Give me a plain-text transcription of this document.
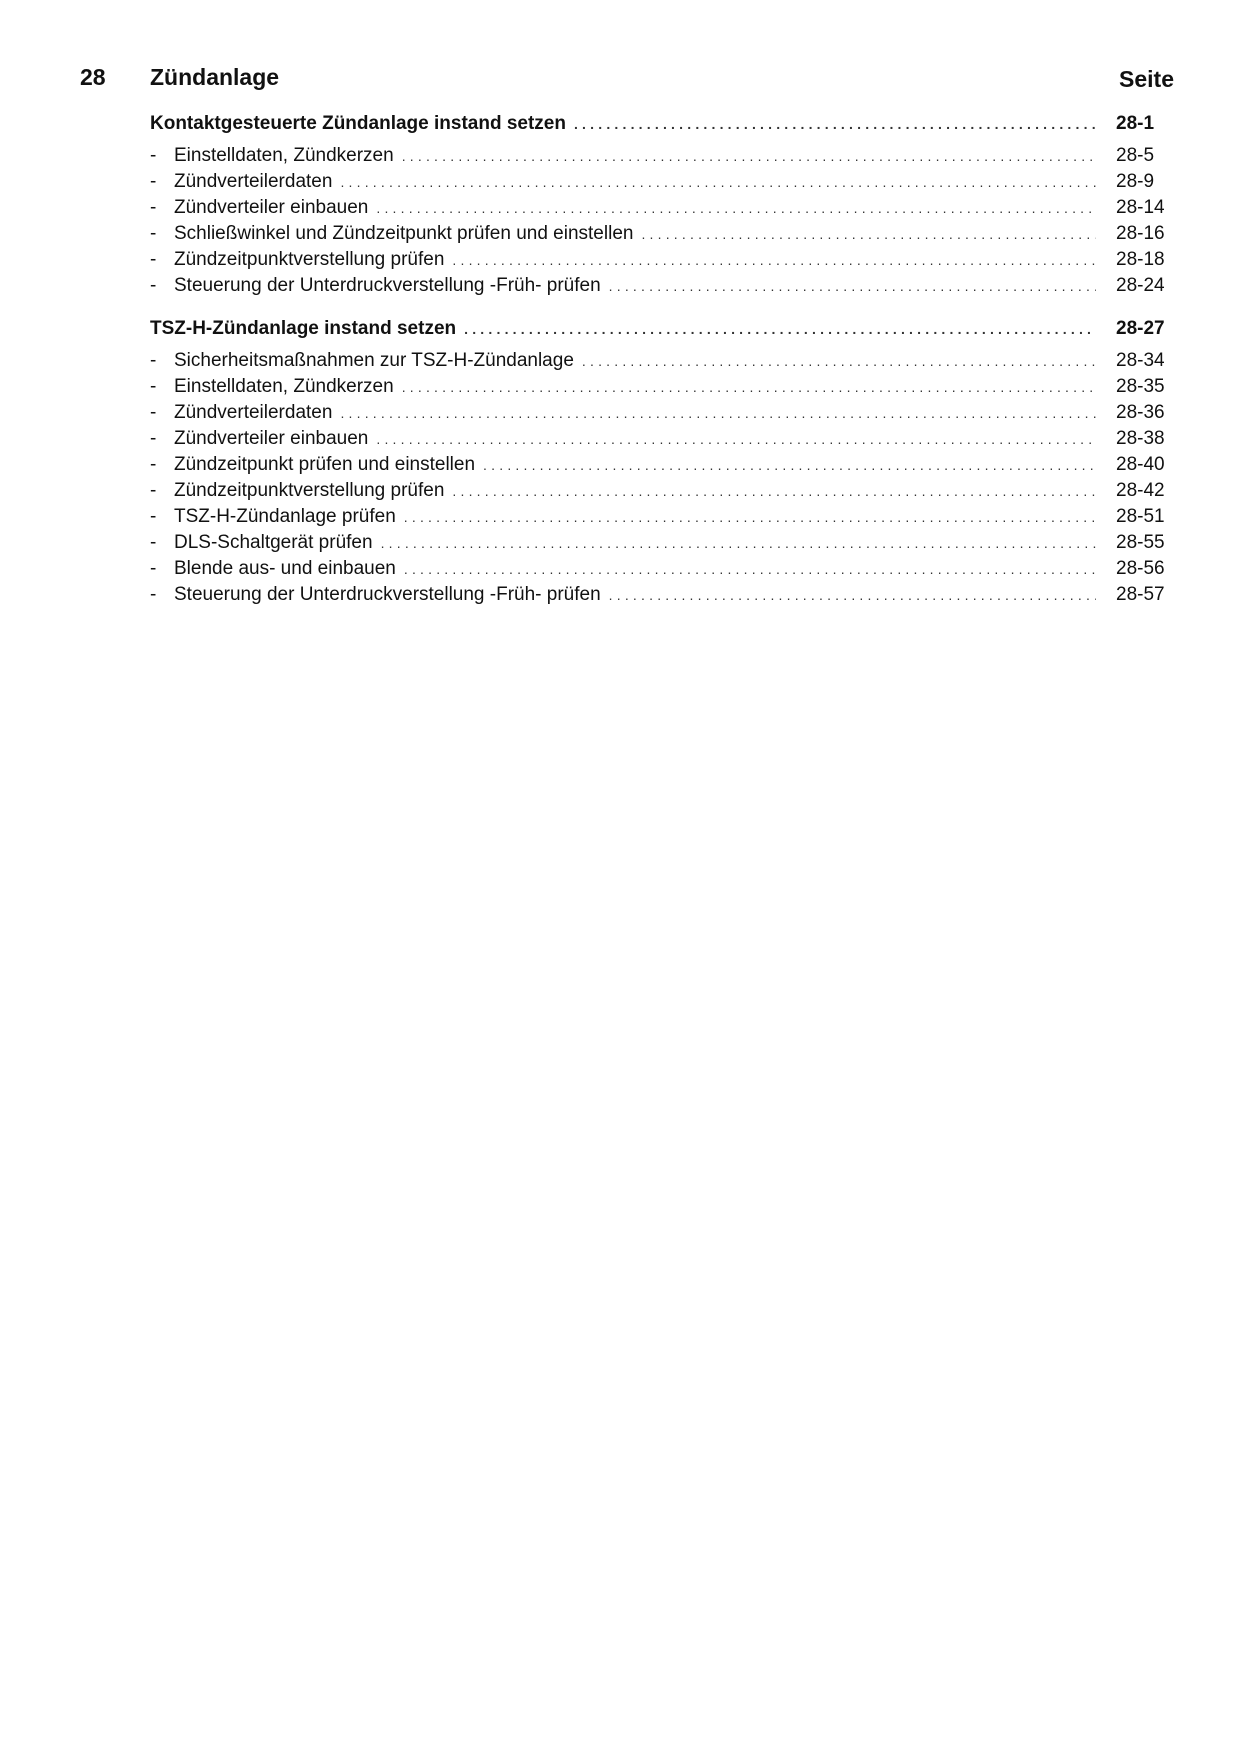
28 Zündanlage	Seite
Kontaktgesteuerte Zündanlage instand setzen .....	28-1
- Einstelldaten, Zündkerzen .....	28-5
- Zündverteilerdaten .....	28-9
- Zündverteiler einbauen .....	28-14
- Schließwinkel und Zündzeitpunkt prüfen und einstellen .....	28-16
- Zündzeitpunktverstellung prüfen .....	28-18
- Steuerung der Unterdruckverstellung -Früh- prüfen .....	28-24
TSZ-H-Zündanlage instand setzen .....	28-27
- Sicherheitsmaßnahmen zur TSZ-H-Zündanlage .....	28-34
- Einstelldaten, Zündkerzen .....	28-35
- Zündverteilerdaten .....	28-36
- Zündverteiler einbauen .....	28-38
- Zündzeitpunkt prüfen und einstellen .....	28-40
- Zündzeitpunktverstellung prüfen .....	28-42
- TSZ-H-Zündanlage prüfen .....	28-51
- DLS-Schaltgerät prüfen .....	28-55
- Blende aus- und einbauen .....	28-56
- Steuerung der Unterdruckverstellung -Früh- prüfen .....	28-57
